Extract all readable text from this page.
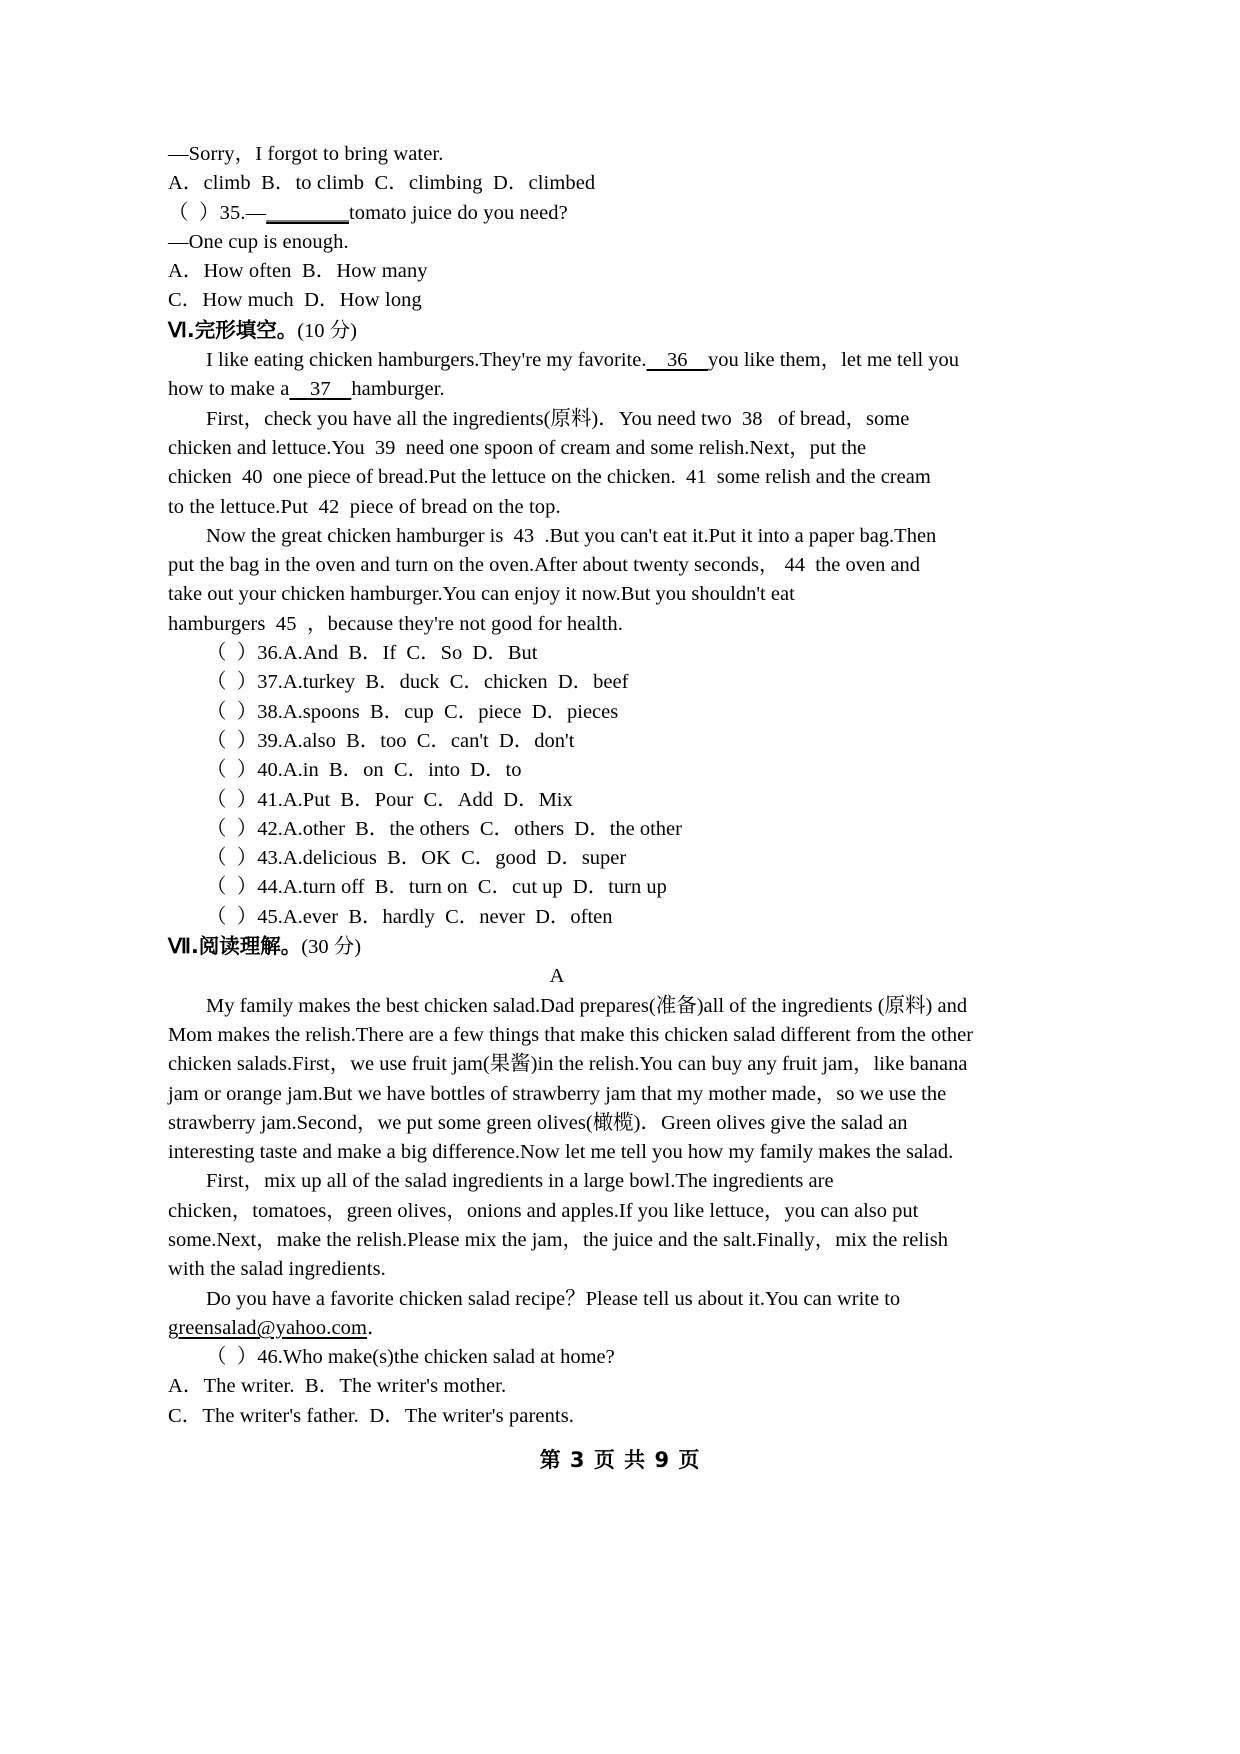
—Sorry，I forgot to bring water.

A．climb  B．to climb  C．climbing  D．climbed

（  ）35.—________tomato juice do you need?

—One cup is enough.

A．How often  B．How many

C．How much  D．How long

Ⅵ.完形填空。(10 分)

I like eating chicken hamburgers.They're my favorite. 　36　 you like them，let me tell you

how to make a　37　hamburger.

First，check you have all the ingredients(原料)．You need two  38   of bread，some
chicken and lettuce.You  39  need one spoon of cream and some relish.Next，put the
chicken  40  one piece of bread.Put the lettuce on the chicken.  41  some relish and the cream

to the lettuce.Put  42  piece of bread on the top.

Now the great chicken hamburger is  43  .But you can't eat it.Put it into a paper bag.Then
put the bag in the oven and turn on the oven.After about twenty seconds， 44  the oven and
take out your chicken hamburger.You can enjoy it now.But you shouldn't eat

hamburgers  45  ，because they're not good for health.

（  ）36.A.And  B．If  C．So  D．But

（  ）37.A.turkey  B．duck  C．chicken  D．beef

（  ）38.A.spoons  B．cup  C．piece  D．pieces

（  ）39.A.also  B．too  C．can't  D．don't

（  ）40.A.in  B．on  C．into  D．to

（  ）41.A.Put  B．Pour  C．Add  D．Mix

（  ）42.A.other  B．the others  C．others  D．the other

（  ）43.A.delicious  B．OK  C．good  D．super

（  ）44.A.turn off  B．turn on  C．cut up  D．turn up

（  ）45.A.ever  B．hardly  C．never  D．often

Ⅶ.阅读理解。(30 分)

A

My family makes the best chicken salad.Dad prepares(准备)all of the ingredients (原料) and
Mom makes the relish.There are a few things that make this chicken salad different from the other
chicken salads.First，we use fruit jam(果酱)in the relish.You can buy any fruit jam，like banana
jam or orange jam.But we have bottles of strawberry jam that my mother made，so we use the
strawberry jam.Second，we put some green olives(橄榄)．Green olives give the salad an
interesting taste and make a big difference.Now let me tell you how my family makes the salad.
First，mix up all of the salad ingredients in a large bowl.The ingredients are
chicken，tomatoes，green olives，onions and apples.If you like lettuce，you can also put
some.Next，make the relish.Please mix the jam，the juice and the salt.Finally，mix the relish

with the salad ingredients.

Do you have a favorite chicken salad recipe？Please tell us about it.You can write to

greensalad@yahoo.com．

（  ）46.Who make(s)the chicken salad at home?

A．The writer.  B．The writer's mother.

C．The writer's father.  D．The writer's parents.

第 3 页 共 9 页
